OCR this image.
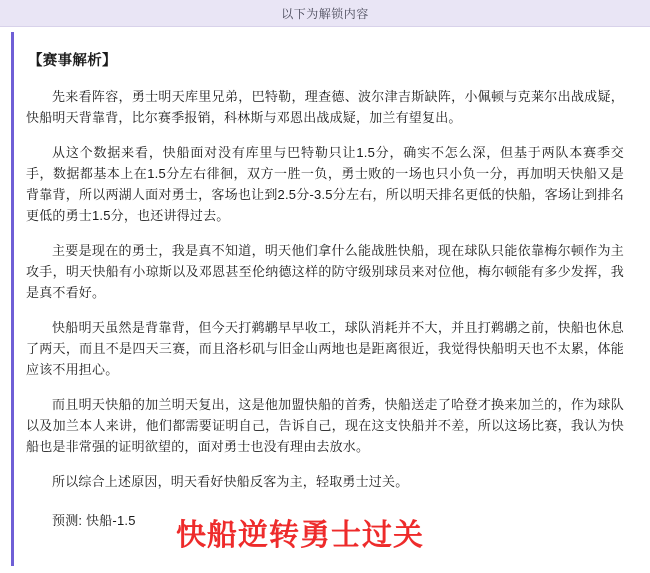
以下为解锁内容
【赛事解析】

先来看阵容，勇士明天库里兄弟，巴特勒，理查德、波尔津吉斯缺阵，小佩顿与克莱尔出战成疑，快船明天背靠背，比尔赛季报销，科林斯与邓恩出战成疑，加兰有望复出。

从这个数据来看，快船面对没有库里与巴特勒只让1.5分，确实不怎么深，但基于两队本赛季交手，数据都基本上在1.5分左右徘徊，双方一胜一负，勇士败的一场也只小负一分，再加明天快船又是背靠背，所以两湖人面对勇士，客场也让到2.5分-3.5分左右，所以明天排名更低的快船，客场让到排名更低的勇士1.5分，也还讲得过去。

主要是现在的勇士，我是真不知道，明天他们拿什么能战胜快船，现在球队只能依靠梅尔顿作为主攻手，明天快船有小琼斯以及邓恩甚至伦纳德这样的防守级别球员来对位他，梅尔顿能有多少发挥，我是真不看好。

快船明天虽然是背靠背，但今天打鹈鹕早早收工，球队消耗并不大，并且打鹈鹕之前，快船也休息了两天，而且不是四天三赛，而且洛杉矶与旧金山两地也是距离很近，我觉得快船明天也不太累，体能应该不用担心。

而且明天快船的加兰明天复出，这是他加盟快船的首秀，快船送走了哈登才换来加兰的，作为球队以及加兰本人来讲，他们都需要证明自己，告诉自己，现在这支快船并不差，所以这场比赛，我认为快船也是非常强的证明欲望的，面对勇士也没有理由去放水。

所以综合上述原因，明天看好快船反客为主，轻取勇士过关。

预测: 快船-1.5 快船逆转勇士过关
